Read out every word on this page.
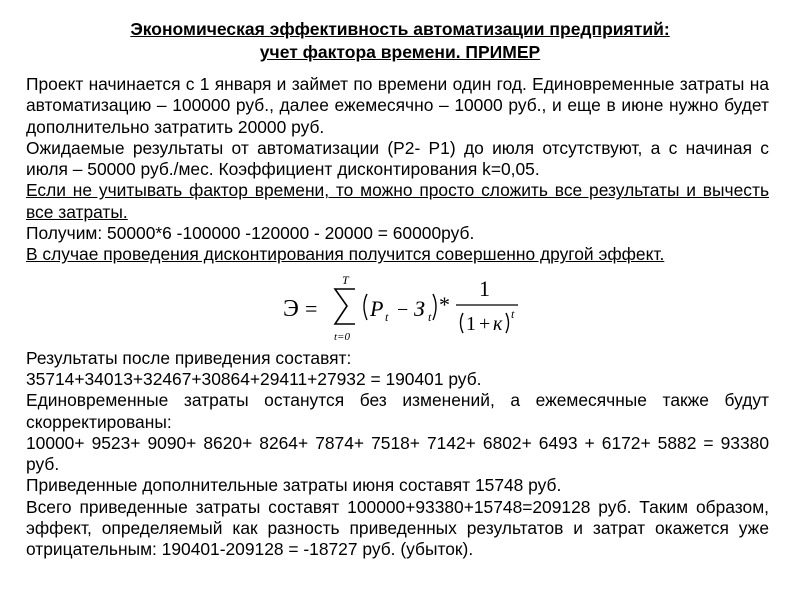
Экономическая эффективность автоматизации предприятий:
учет фактора времени. ПРИМЕР

Проект начинается с 1 января и займет по времени один год. Единовременные затраты на автоматизацию – 100000 руб., далее ежемесячно – 10000 руб., и еще в июне нужно будет дополнительно затратить 20000 руб.

Ожидаемые результаты от автоматизации (Р2- Р1) до июля отсутствуют, а с начиная с июля – 50000 руб./мес. Коэффициент дисконтирования k=0,05.

Если не учитывать фактор времени, то можно просто сложить все результаты и вычесть все затраты.

Получим: 50000*6 -100000 -120000 - 20000 = 60000руб.

В случае проведения дисконтирования получится совершенно другой эффект.

Э =
T
t=0
P t − З t *
1
1 + к t

Результаты после приведения составят:

35714+34013+32467+30864+29411+27932 = 190401 руб.

Единовременные затраты останутся без изменений, а ежемесячные также будут скорректированы:

10000+ 9523+ 9090+ 8620+ 8264+ 7874+ 7518+ 7142+ 6802+ 6493 + 6172+ 5882 = 93380 руб.

Приведенные дополнительные затраты июня составят 15748 руб.

Всего приведенные затраты составят 100000+93380+15748=209128 руб. Таким образом, эффект, определяемый как разность приведенных результатов и затрат окажется уже отрицательным: 190401-209128 = -18727 руб. (убыток).
